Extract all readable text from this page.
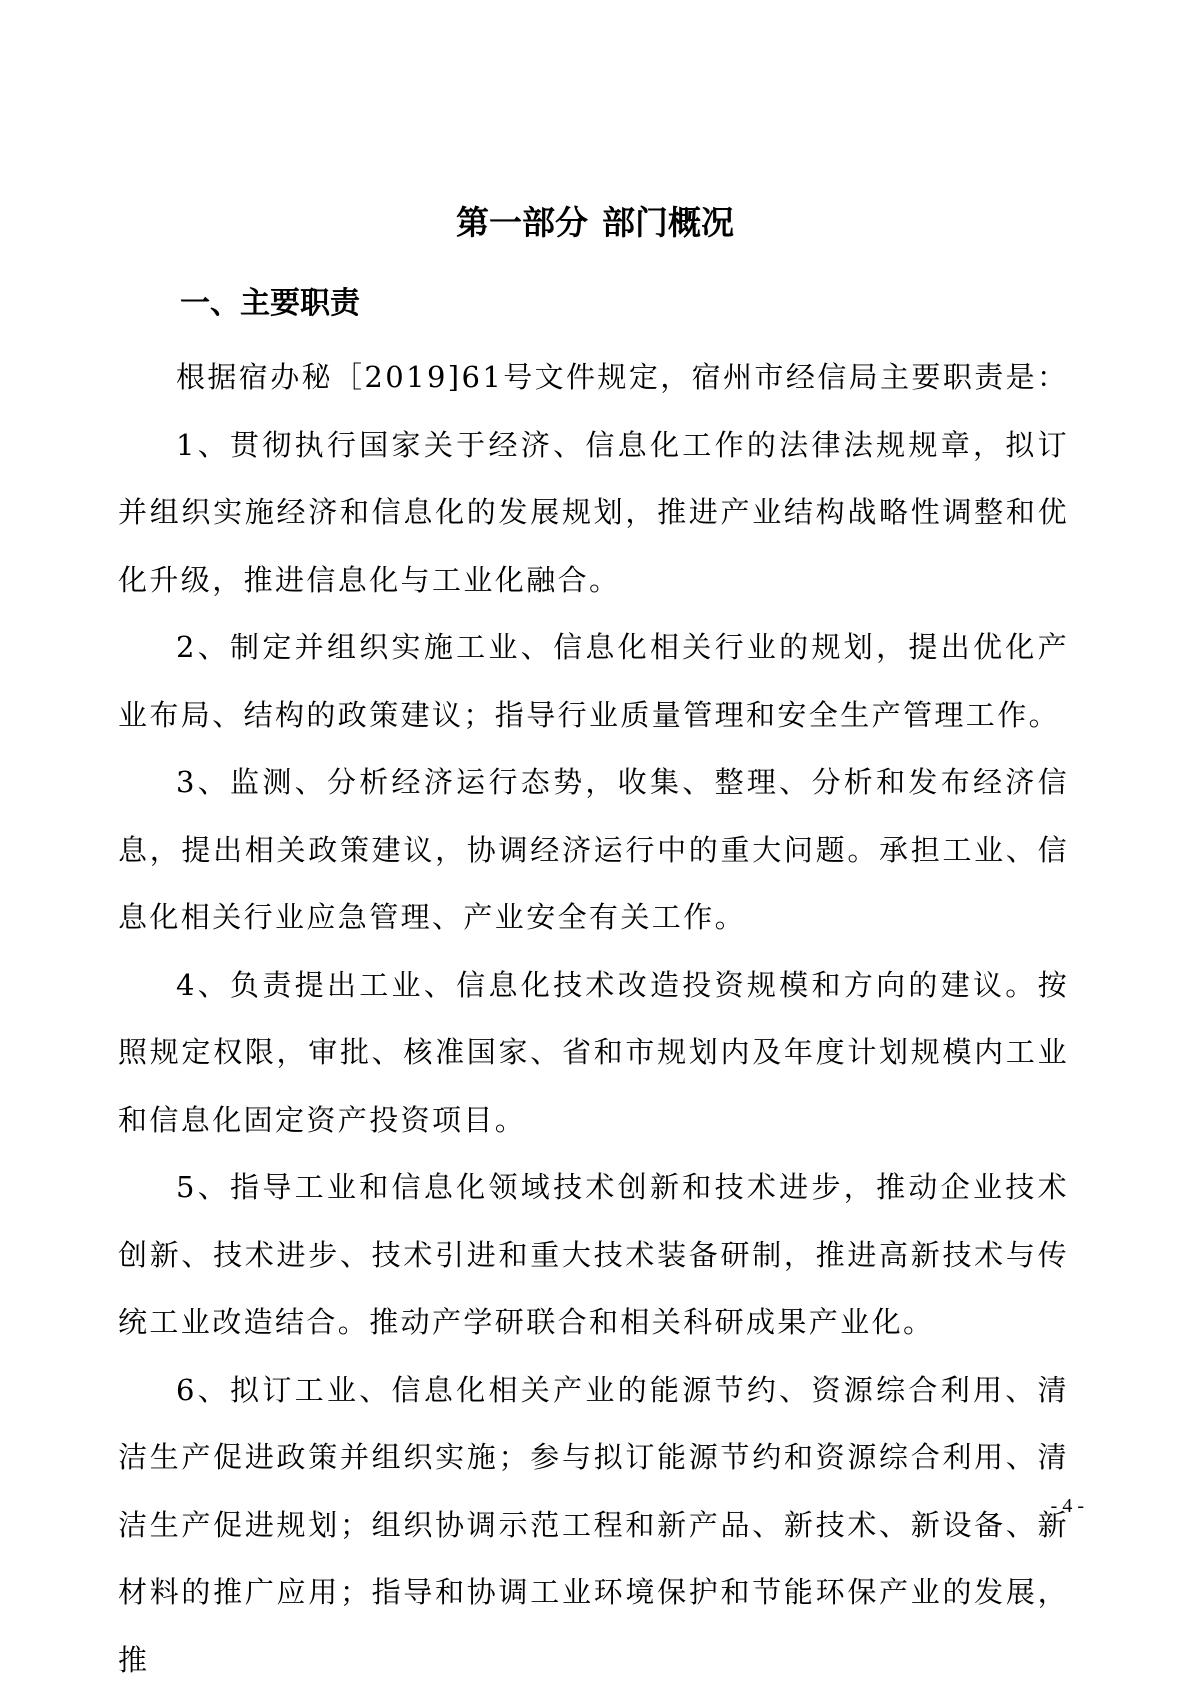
第一部分 部门概况
一、主要职责

根据宿办秘［2019]61号文件规定，宿州市经信局主要职责是：

1、贯彻执行国家关于经济、信息化工作的法律法规规章，拟订并组织实施经济和信息化的发展规划，推进产业结构战略性调整和优化升级，推进信息化与工业化融合。

2、制定并组织实施工业、信息化相关行业的规划，提出优化产业布局、结构的政策建议；指导行业质量管理和安全生产管理工作。

3、监测、分析经济运行态势，收集、整理、分析和发布经济信息，提出相关政策建议，协调经济运行中的重大问题。承担工业、信息化相关行业应急管理、产业安全有关工作。

4、负责提出工业、信息化技术改造投资规模和方向的建议。按照规定权限，审批、核准国家、省和市规划内及年度计划规模内工业和信息化固定资产投资项目。

5、指导工业和信息化领域技术创新和技术进步，推动企业技术创新、技术进步、技术引进和重大技术装备研制，推进高新技术与传统工业改造结合。推动产学研联合和相关科研成果产业化。

6、拟订工业、信息化相关产业的能源节约、资源综合利用、清洁生产促进政策并组织实施；参与拟订能源节约和资源综合利用、清洁生产促进规划；组织协调示范工程和新产品、新技术、新设备、新材料的推广应用；指导和协调工业环境保护和节能环保产业的发展，推

- 4 -
